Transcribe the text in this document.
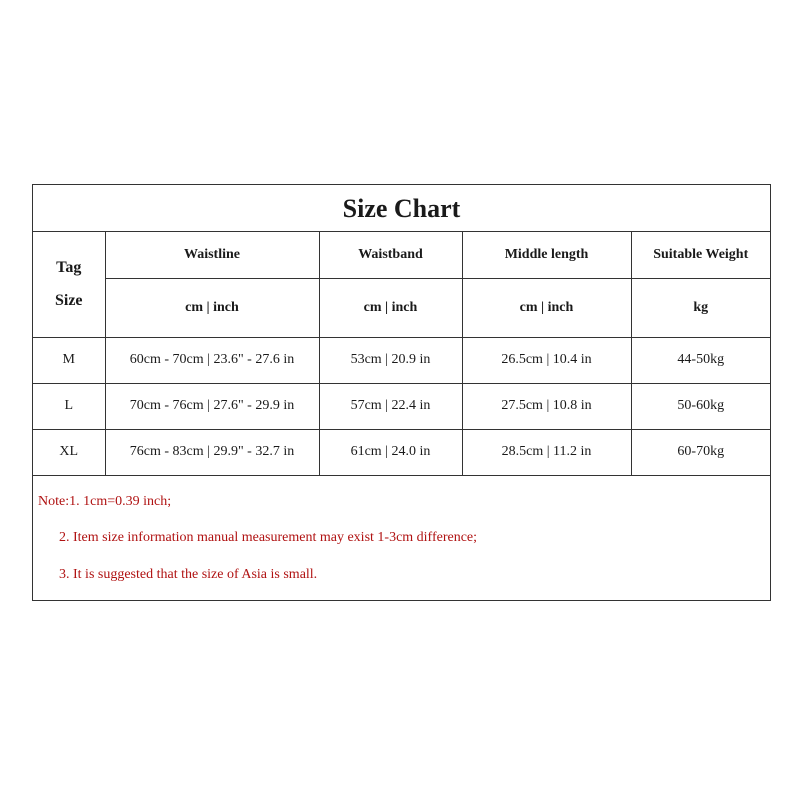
Size Chart
Tag
Size	Waistline	Waistband	Middle length	Suitable Weight
	cm | inch	cm | inch	cm | inch	kg
M	60cm - 70cm | 23.6" - 27.6 in	53cm | 20.9 in	26.5cm | 10.4 in	44-50kg
L	70cm - 76cm | 27.6" - 29.9 in	57cm | 22.4 in	27.5cm | 10.8 in	50-60kg
XL	76cm - 83cm | 29.9" - 32.7 in	61cm | 24.0 in	28.5cm | 11.2 in	60-70kg
Note:1. 1cm=0.39 inch;
2. Item size information manual measurement may exist 1-3cm difference;
3. It is suggested that the size of Asia is small.
